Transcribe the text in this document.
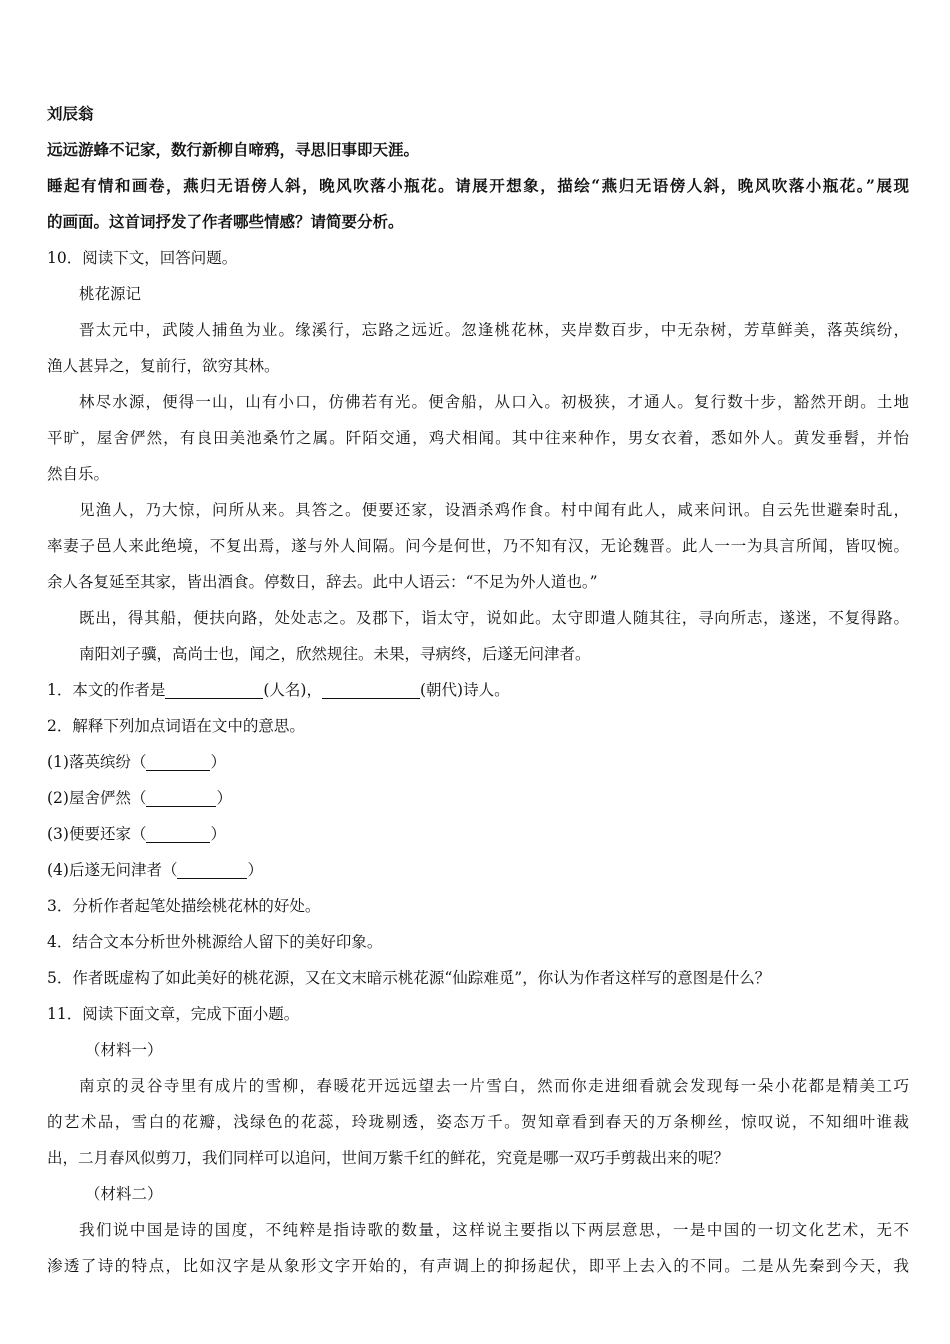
刘辰翁
远远游蜂不记家，数行新柳自啼鸦，寻思旧事即天涯。
睡起有情和画卷，燕归无语傍人斜，晚风吹落小瓶花。请展开想象，描绘“燕归无语傍人斜，晚风吹落小瓶花。”展现
的画面。这首词抒发了作者哪些情感？请简要分析。
10．阅读下文，回答问题。
桃花源记
晋太元中，武陵人捕鱼为业。缘溪行，忘路之远近。忽逢桃花林，夹岸数百步，中无杂树，芳草鲜美，落英缤纷，
渔人甚异之，复前行，欲穷其林。
林尽水源，便得一山，山有小口，仿佛若有光。便舍船，从口入。初极狭，才通人。复行数十步，豁然开朗。土地
平旷，屋舍俨然，有良田美池桑竹之属。阡陌交通，鸡犬相闻。其中往来种作，男女衣着，悉如外人。黄发垂髫，并怡
然自乐。
见渔人，乃大惊，问所从来。具答之。便要还家，设酒杀鸡作食。村中闻有此人，咸来问讯。自云先世避秦时乱，
率妻子邑人来此绝境，不复出焉，遂与外人间隔。问今是何世，乃不知有汉，无论魏晋。此人一一为具言所闻，皆叹惋。
余人各复延至其家，皆出酒食。停数日，辞去。此中人语云：“不足为外人道也。”
既出，得其船，便扶向路，处处志之。及郡下，诣太守，说如此。太守即遣人随其往，寻向所志，遂迷，不复得路。
南阳刘子骥，高尚士也，闻之，欣然规往。未果，寻病终，后遂无问津者。
1．本文的作者是	(人名)，	(朝代)诗人。
2．解释下列加点词语在文中的意思。
(1)落英缤纷（	）
(2)屋舍俨然（	）
(3)便要还家（	）
(4)后遂无问津者（	）
3．分析作者起笔处描绘桃花林的好处。
4．结合文本分析世外桃源给人留下的美好印象。
5．作者既虚构了如此美好的桃花源，又在文末暗示桃花源“仙踪难觅”，你认为作者这样写的意图是什么？
11．阅读下面文章，完成下面小题。
（材料一）
南京的灵谷寺里有成片的雪柳，春暖花开远远望去一片雪白，然而你走进细看就会发现每一朵小花都是精美工巧
的艺术品，雪白的花瓣，浅绿色的花蕊，玲珑剔透，姿态万千。贺知章看到春天的万条柳丝，惊叹说，不知细叶谁裁
出，二月春风似剪刀，我们同样可以追问，世间万紫千红的鲜花，究竟是哪一双巧手剪裁出来的呢？
（材料二）
我们说中国是诗的国度，不纯粹是指诗歌的数量，这样说主要指以下两层意思，一是中国的一切文化艺术，无不
渗透了诗的特点，比如汉字是从象形文字开始的，有声调上的抑扬起伏，即平上去入的不同。二是从先秦到今天，我
